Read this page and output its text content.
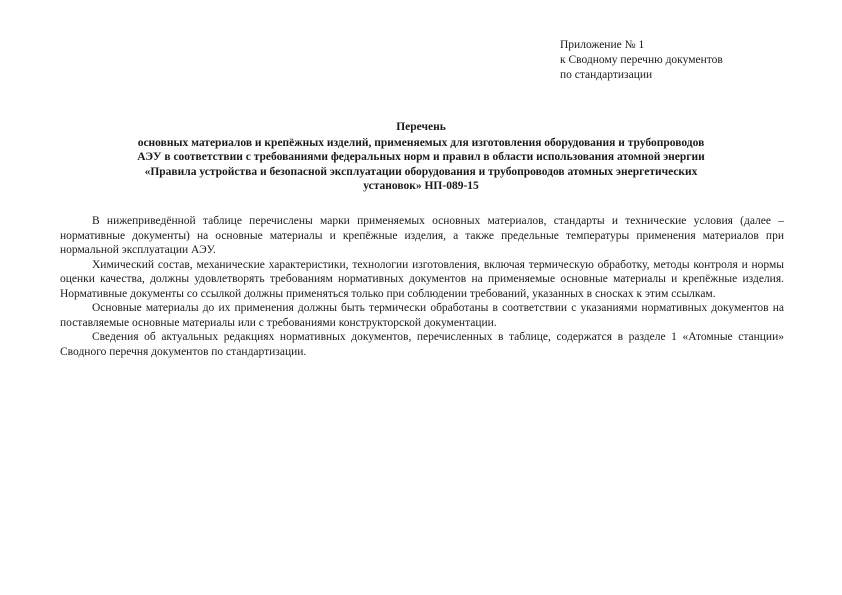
Приложение № 1
к Сводному перечню документов
по стандартизации
Перечень
основных материалов и крепёжных изделий, применяемых для изготовления оборудования и трубопроводов
АЭУ в соответствии с требованиями федеральных норм и правил в области использования атомной энергии
«Правила устройства и безопасной эксплуатации оборудования и трубопроводов атомных энергетических
установок» НП-089-15

В нижеприведённой таблице перечислены марки применяемых основных материалов, стандарты и технические условия (далее – нормативные документы) на основные материалы и крепёжные изделия, а также предельные температуры применения материалов при нормальной эксплуатации АЭУ.

Химический состав, механические характеристики, технологии изготовления, включая термическую обработку, методы контроля и нормы оценки качества, должны удовлетворять требованиям нормативных документов на применяемые основные материалы и крепёжные изделия. Нормативные документы со ссылкой должны применяться только при соблюдении требований, указанных в сносках к этим ссылкам.

Основные материалы до их применения должны быть термически обработаны в соответствии с указаниями нормативных документов на поставляемые основные материалы или с требованиями конструкторской документации.

Сведения об актуальных редакциях нормативных документов, перечисленных в таблице, содержатся в разделе 1 «Атомные станции» Сводного перечня документов по стандартизации.
